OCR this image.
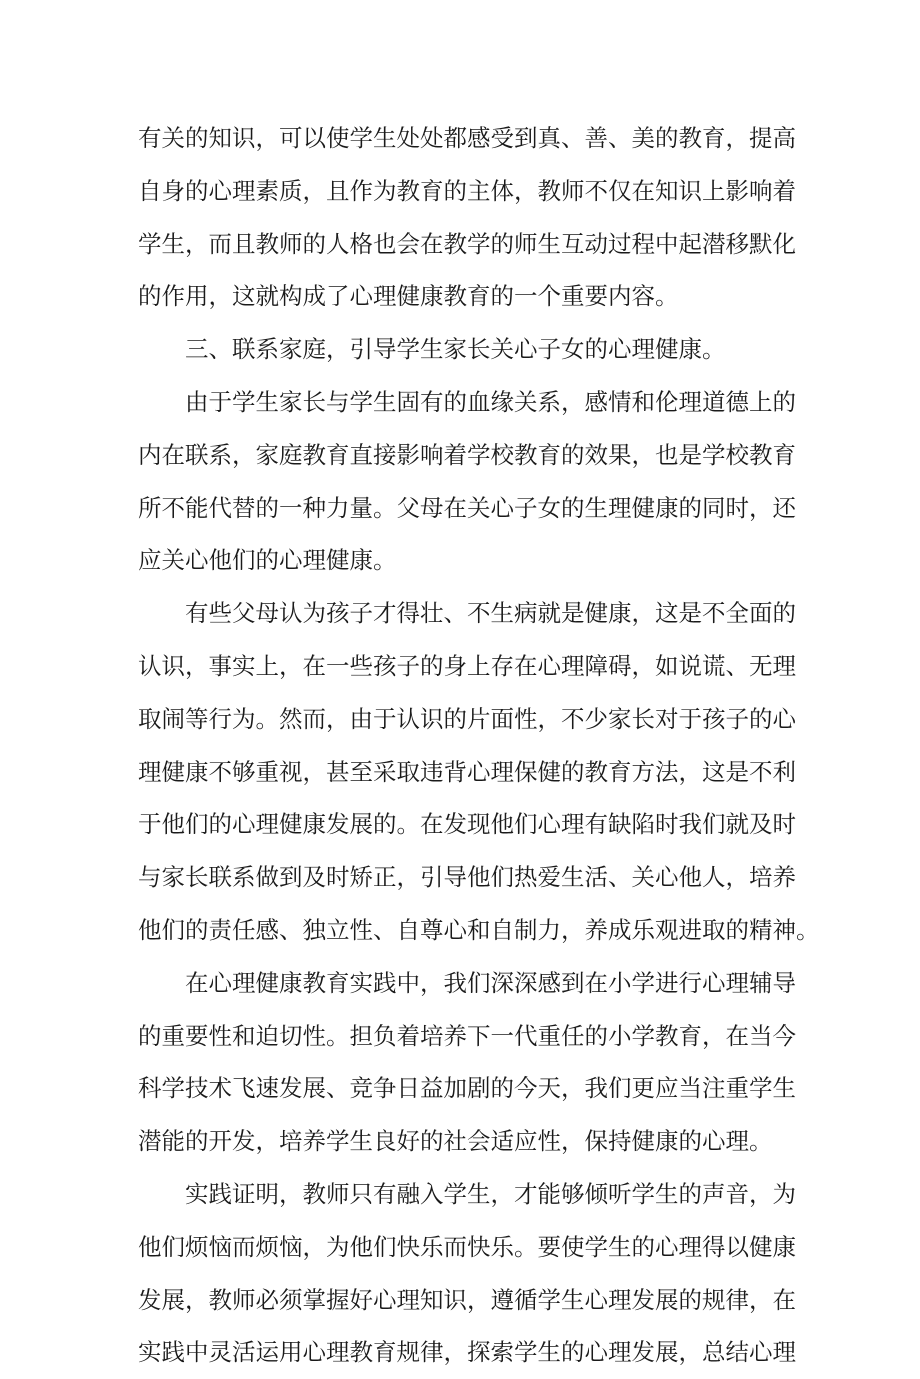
有关的知识，可以使学生处处都感受到真、善、美的教育，提高
自身的心理素质，且作为教育的主体，教师不仅在知识上影响着
学生，而且教师的人格也会在教学的师生互动过程中起潜移默化
的作用，这就构成了心理健康教育的一个重要内容。
三、联系家庭，引导学生家长关心子女的心理健康。
由于学生家长与学生固有的血缘关系，感情和伦理道德上的
内在联系，家庭教育直接影响着学校教育的效果，也是学校教育
所不能代替的一种力量。父母在关心子女的生理健康的同时，还
应关心他们的心理健康。
有些父母认为孩子才得壮、不生病就是健康，这是不全面的
认识，事实上，在一些孩子的身上存在心理障碍，如说谎、无理
取闹等行为。然而，由于认识的片面性，不少家长对于孩子的心
理健康不够重视，甚至采取违背心理保健的教育方法，这是不利
于他们的心理健康发展的。在发现他们心理有缺陷时我们就及时
与家长联系做到及时矫正，引导他们热爱生活、关心他人，培养
他们的责任感、独立性、自尊心和自制力，养成乐观进取的精神。
在心理健康教育实践中，我们深深感到在小学进行心理辅导
的重要性和迫切性。担负着培养下一代重任的小学教育，在当今
科学技术飞速发展、竞争日益加剧的今天，我们更应当注重学生
潜能的开发，培养学生良好的社会适应性，保持健康的心理。
实践证明，教师只有融入学生，才能够倾听学生的声音，为
他们烦恼而烦恼，为他们快乐而快乐。要使学生的心理得以健康
发展，教师必须掌握好心理知识，遵循学生心理发展的规律，在
实践中灵活运用心理教育规律，探索学生的心理发展，总结心理
